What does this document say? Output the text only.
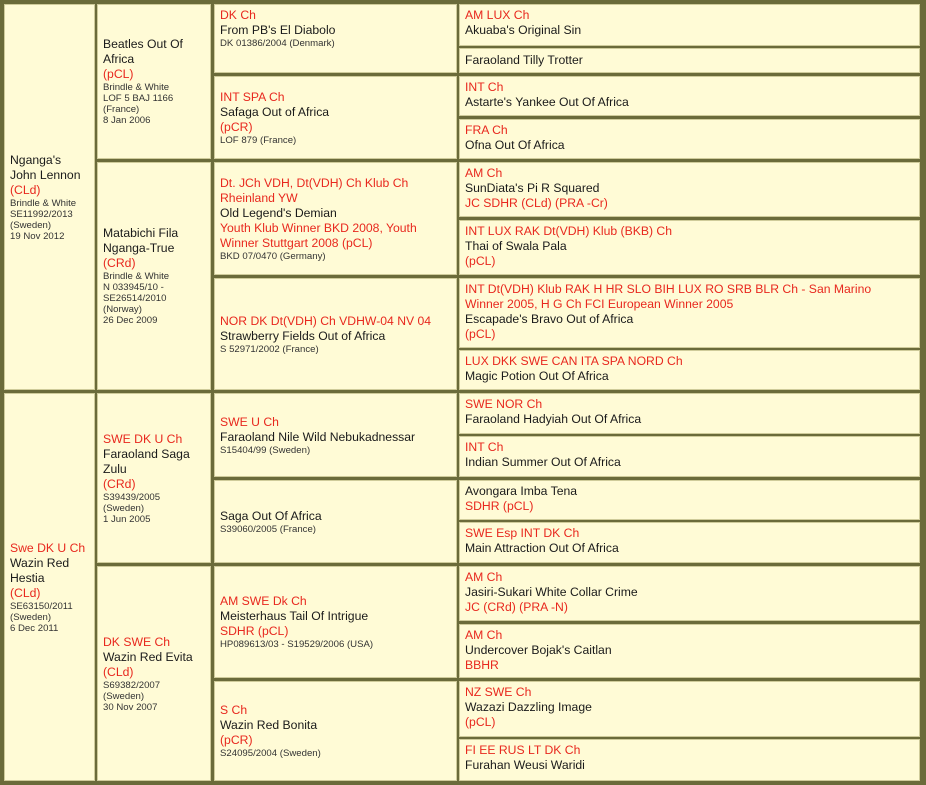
Nganga's John Lennon
(CLd)
Brindle & White
SE11992/2013
(Sweden)
19 Nov 2012
Swe DK U Ch
Wazin Red Hestia
(CLd)
SE63150/2011
(Sweden)
6 Dec 2011
Beatles Out Of Africa
(pCL)
Brindle & White
LOF 5 BAJ 1166
(France)
8 Jan 2006
Matabichi Fila Nganga-True
(CRd)
Brindle & White
N 033945/10 - SE26514/2010
(Norway)
26 Dec 2009
SWE DK U Ch
Faraoland Saga Zulu
(CRd)
S39439/2005
(Sweden)
1 Jun 2005
DK SWE Ch
Wazin Red Evita
(CLd)
S69382/2007
(Sweden)
30 Nov 2007
DK Ch
From PB's El Diabolo
DK 01386/2004 (Denmark)
INT SPA Ch
Safaga Out of Africa
(pCR)
LOF 879 (France)
Dt. JCh VDH, Dt(VDH) Ch Klub Ch Rheinland YW
Old Legend's Demian
Youth Klub Winner BKD 2008, Youth Winner Stuttgart 2008 (pCL)
BKD 07/0470 (Germany)
NOR DK Dt(VDH) Ch VDHW-04 NV 04
Strawberry Fields Out of Africa
S 52971/2002 (France)
SWE U Ch
Faraoland Nile Wild Nebukadnessar
S15404/99 (Sweden)
Saga Out Of Africa
S39060/2005 (France)
AM SWE Dk Ch
Meisterhaus Tail Of Intrigue
SDHR (pCL)
HP089613/03 - S19529/2006 (USA)
S Ch
Wazin Red Bonita
(pCR)
S24095/2004 (Sweden)
AM LUX Ch
Akuaba's Original Sin
Faraoland Tilly Trotter
INT Ch
Astarte's Yankee Out Of Africa
FRA Ch
Ofna Out Of Africa
AM Ch
SunDiata's Pi R Squared
JC SDHR (CLd) (PRA -Cr)
INT LUX RAK Dt(VDH) Klub (BKB) Ch
Thai of Swala Pala
(pCL)
INT Dt(VDH) Klub RAK H HR SLO BIH LUX RO SRB BLR Ch - San Marino Winner 2005, H G Ch FCI European Winner 2005
Escapade's Bravo Out of Africa
(pCL)
LUX DKK SWE CAN ITA SPA NORD Ch
Magic Potion Out Of Africa
SWE NOR Ch
Faraoland Hadyiah Out Of Africa
INT Ch
Indian Summer Out Of Africa
Avongara Imba Tena
SDHR (pCL)
SWE Esp INT DK Ch
Main Attraction Out Of Africa
AM Ch
Jasiri-Sukari White Collar Crime
JC (CRd) (PRA -N)
AM Ch
Undercover Bojak's Caitlan
BBHR
NZ SWE Ch
Wazazi Dazzling Image
(pCL)
FI EE RUS LT DK Ch
Furahan Weusi Waridi
